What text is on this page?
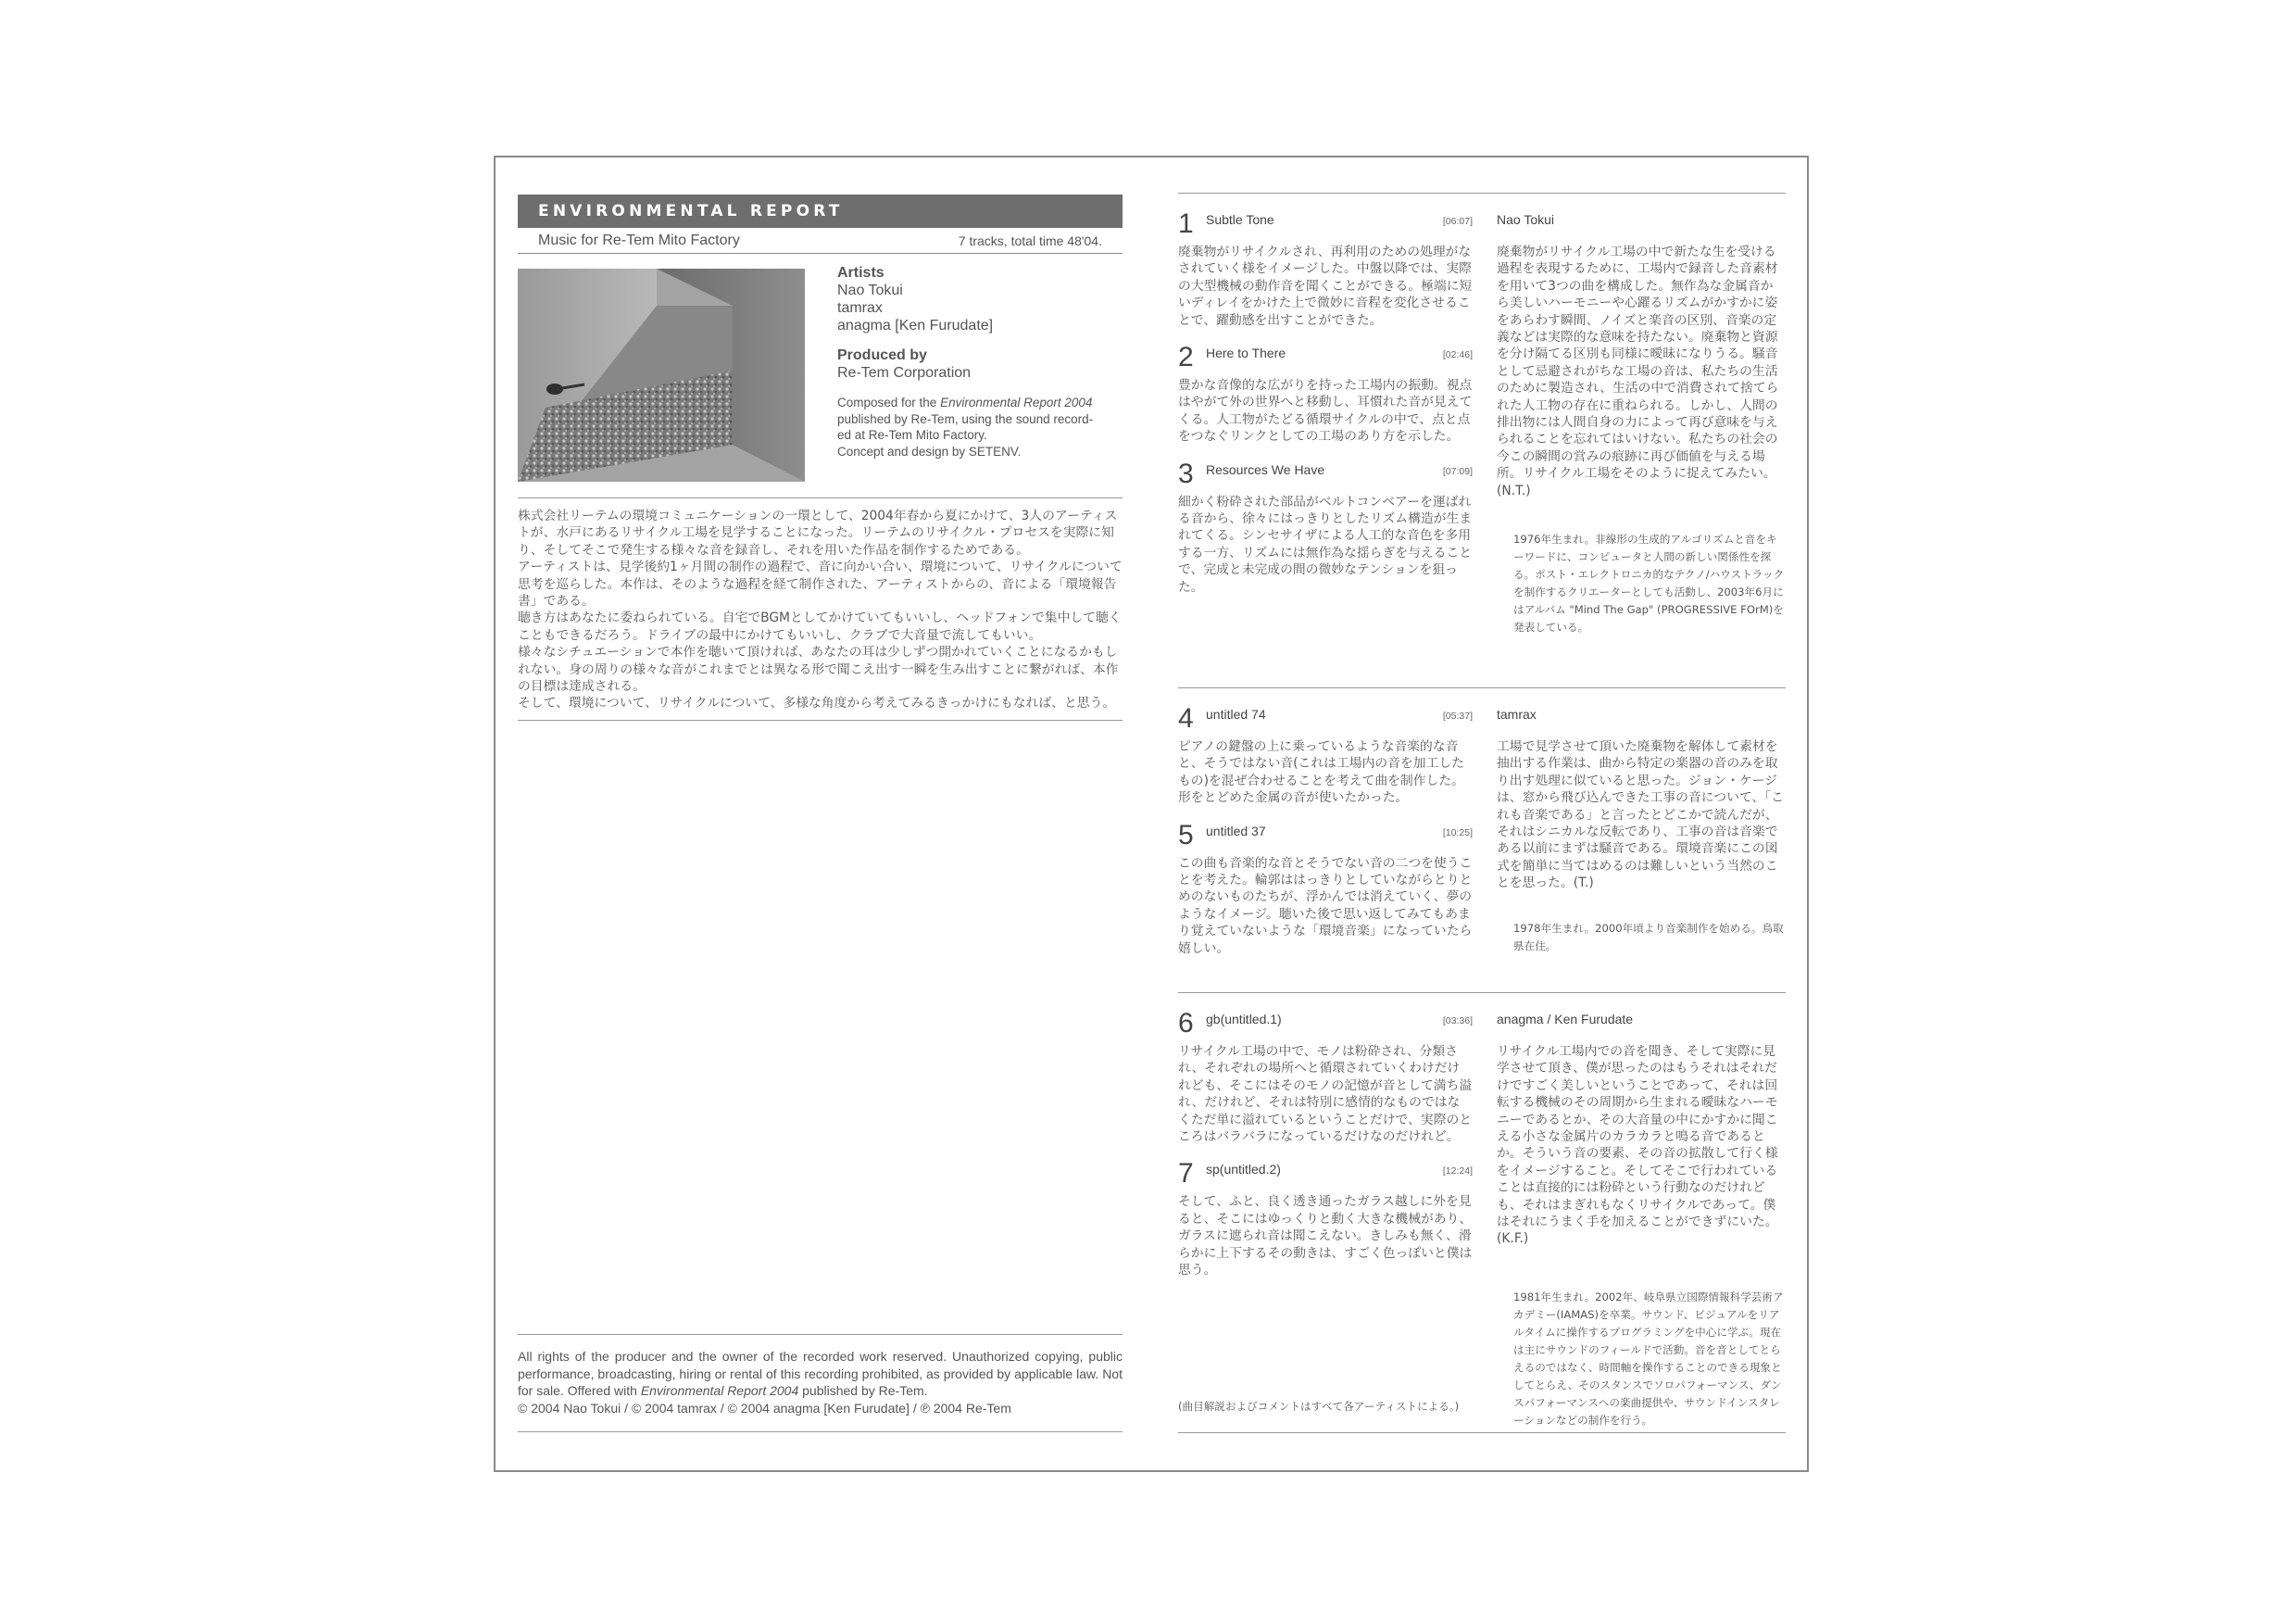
ENVIRONMENTAL REPORT
Music for Re-Tem Mito Factory	7 tracks, total time 48'04.
Artists
Nao Tokui
tamrax
anagma [Ken Furudate]
Produced by
Re-Tem Corporation
Composed for the Environmental Report 2004
published by Re-Tem, using the sound record-
ed at Re-Tem Mito Factory.
Concept and design by SETENV.

株式会社リーテムの環境コミュニケーションの一環として、2004年春から夏にかけて、3人のアーティストが、水戸にあるリサイクル工場を見学することになった。リーテムのリサイクル・プロセスを実際に知り、そしてそこで発生する様々な音を録音し、それを用いた作品を制作するためである。

アーティストは、見学後約1ヶ月間の制作の過程で、音に向かい合い、環境について、リサイクルについて思考を巡らした。本作は、そのような過程を経て制作された、アーティストからの、音による「環境報告書」である。

聴き方はあなたに委ねられている。自宅でBGMとしてかけていてもいいし、ヘッドフォンで集中して聴くこともできるだろう。ドライブの最中にかけてもいいし、クラブで大音量で流してもいい。

様々なシチュエーションで本作を聴いて頂ければ、あなたの耳は少しずつ開かれていくことになるかもしれない。身の周りの様々な音がこれまでとは異なる形で聞こえ出す一瞬を生み出すことに繋がれば、本作の目標は達成される。

そして、環境について、リサイクルについて、多様な角度から考えてみるきっかけにもなれば、と思う。

All rights of the producer and the owner of the recorded work reserved. Unauthorized copying, public performance, broadcasting, hiring or rental of this recording prohibited, as provided by applicable law. Not for sale. Offered with Environmental Report 2004 published by Re-Tem.
© 2004 Nao Tokui / © 2004 tamrax / © 2004 anagma [Ken Furudate] / ℗ 2004 Re-Tem
1 Subtle Tone	[06:07]
廃棄物がリサイクルされ、再利用のための処理がなされていく様をイメージした。中盤以降では、実際の大型機械の動作音を聞くことができる。極端に短いディレイをかけた上で微妙に音程を変化させることで、躍動感を出すことができた。
2 Here to There	[02:46]
豊かな音像的な広がりを持った工場内の振動。視点はやがて外の世界へと移動し、耳慣れた音が見えてくる。人工物がたどる循環サイクルの中で、点と点をつなぐリンクとしての工場のあり方を示した。
3 Resources We Have	[07:09]
細かく粉砕された部品がベルトコンベアーを運ばれる音から、徐々にはっきりとしたリズム構造が生まれてくる。シンセサイザによる人工的な音色を多用する一方、リズムには無作為な揺らぎを与えることで、完成と未完成の間の微妙なテンションを狙った。
Nao Tokui
廃棄物がリサイクル工場の中で新たな生を受ける過程を表現するために、工場内で録音した音素材を用いて3つの曲を構成した。無作為な金属音から美しいハーモニーや心躍るリズムがかすかに姿をあらわす瞬間、ノイズと楽音の区別、音楽の定義などは実際的な意味を持たない。廃棄物と資源を分け隔てる区別も同様に曖昧になりうる。騒音として忌避されがちな工場の音は、私たちの生活のために製造され、生活の中で消費されて捨てられた人工物の存在に重ねられる。しかし、人間の排出物には人間自身の力によって再び意味を与えられることを忘れてはいけない。私たちの社会の今この瞬間の営みの痕跡に再び価値を与える場所。リサイクル工場をそのように捉えてみたい。(N.T.)
1976年生まれ。非線形の生成的アルゴリズムと音をキーワードに、コンピュータと人間の新しい関係性を探る。ポスト・エレクトロニカ的なテクノ/ハウストラックを制作するクリエーターとしても活動し、2003年6月にはアルバム "Mind The Gap" (PROGRESSIVE FOrM)を発表している。
4 untitled 74	[05:37]
ピアノの鍵盤の上に乗っているような音楽的な音と、そうではない音(これは工場内の音を加工したもの)を混ぜ合わせることを考えて曲を制作した。形をとどめた金属の音が使いたかった。
5 untitled 37	[10:25]
この曲も音楽的な音とそうでない音の二つを使うことを考えた。輪郭ははっきりとしていながらとりとめのないものたちが、浮かんでは消えていく、夢のようなイメージ。聴いた後で思い返してみてもあまり覚えていないような「環境音楽」になっていたら嬉しい。
tamrax
工場で見学させて頂いた廃棄物を解体して素材を抽出する作業は、曲から特定の楽器の音のみを取り出す処理に似ていると思った。ジョン・ケージは、窓から飛び込んできた工事の音について、「これも音楽である」と言ったとどこかで読んだが、それはシニカルな反転であり、工事の音は音楽である以前にまずは騒音である。環境音楽にこの図式を簡単に当てはめるのは難しいという当然のことを思った。(T.)
1978年生まれ。2000年頃より音楽制作を始める。鳥取県在住。
6 gb(untitled.1)	[03:36]
リサイクル工場の中で、モノは粉砕され、分類され、それぞれの場所へと循環されていくわけだけれども、そこにはそのモノの記憶が音として満ち溢れ、だけれど、それは特別に感情的なものではなくただ単に溢れているということだけで、実際のところはバラバラになっているだけなのだけれど。
7 sp(untitled.2)	[12:24]
そして、ふと、良く透き通ったガラス越しに外を見ると、そこにはゆっくりと動く大きな機械があり、ガラスに遮られ音は聞こえない。きしみも無く、滑らかに上下するその動きは、すごく色っぽいと僕は思う。
(曲目解説およびコメントはすべて各アーティストによる。)
anagma / Ken Furudate
リサイクル工場内での音を聞き、そして実際に見学させて頂き、僕が思ったのはもうそれはそれだけですごく美しいということであって、それは回転する機械のその周期から生まれる曖昧なハーモニーであるとか、その大音量の中にかすかに聞こえる小さな金属片のカラカラと鳴る音であるとか。そういう音の要素、その音の拡散して行く様をイメージすること。そしてそこで行われていることは直接的には粉砕という行動なのだけれども、それはまぎれもなくリサイクルであって。僕はそれにうまく手を加えることができずにいた。(K.F.)
1981年生まれ。2002年、岐阜県立国際情報科学芸術アカデミー(IAMAS)を卒業。サウンド、ビジュアルをリアルタイムに操作するプログラミングを中心に学ぶ。現在は主にサウンドのフィールドで活動。音を音としてとらえるのではなく、時間軸を操作することのできる現象としてとらえ、そのスタンスでソロパフォーマンス、ダンスパフォーマンスへの楽曲提供や、サウンドインスタレーションなどの制作を行う。
